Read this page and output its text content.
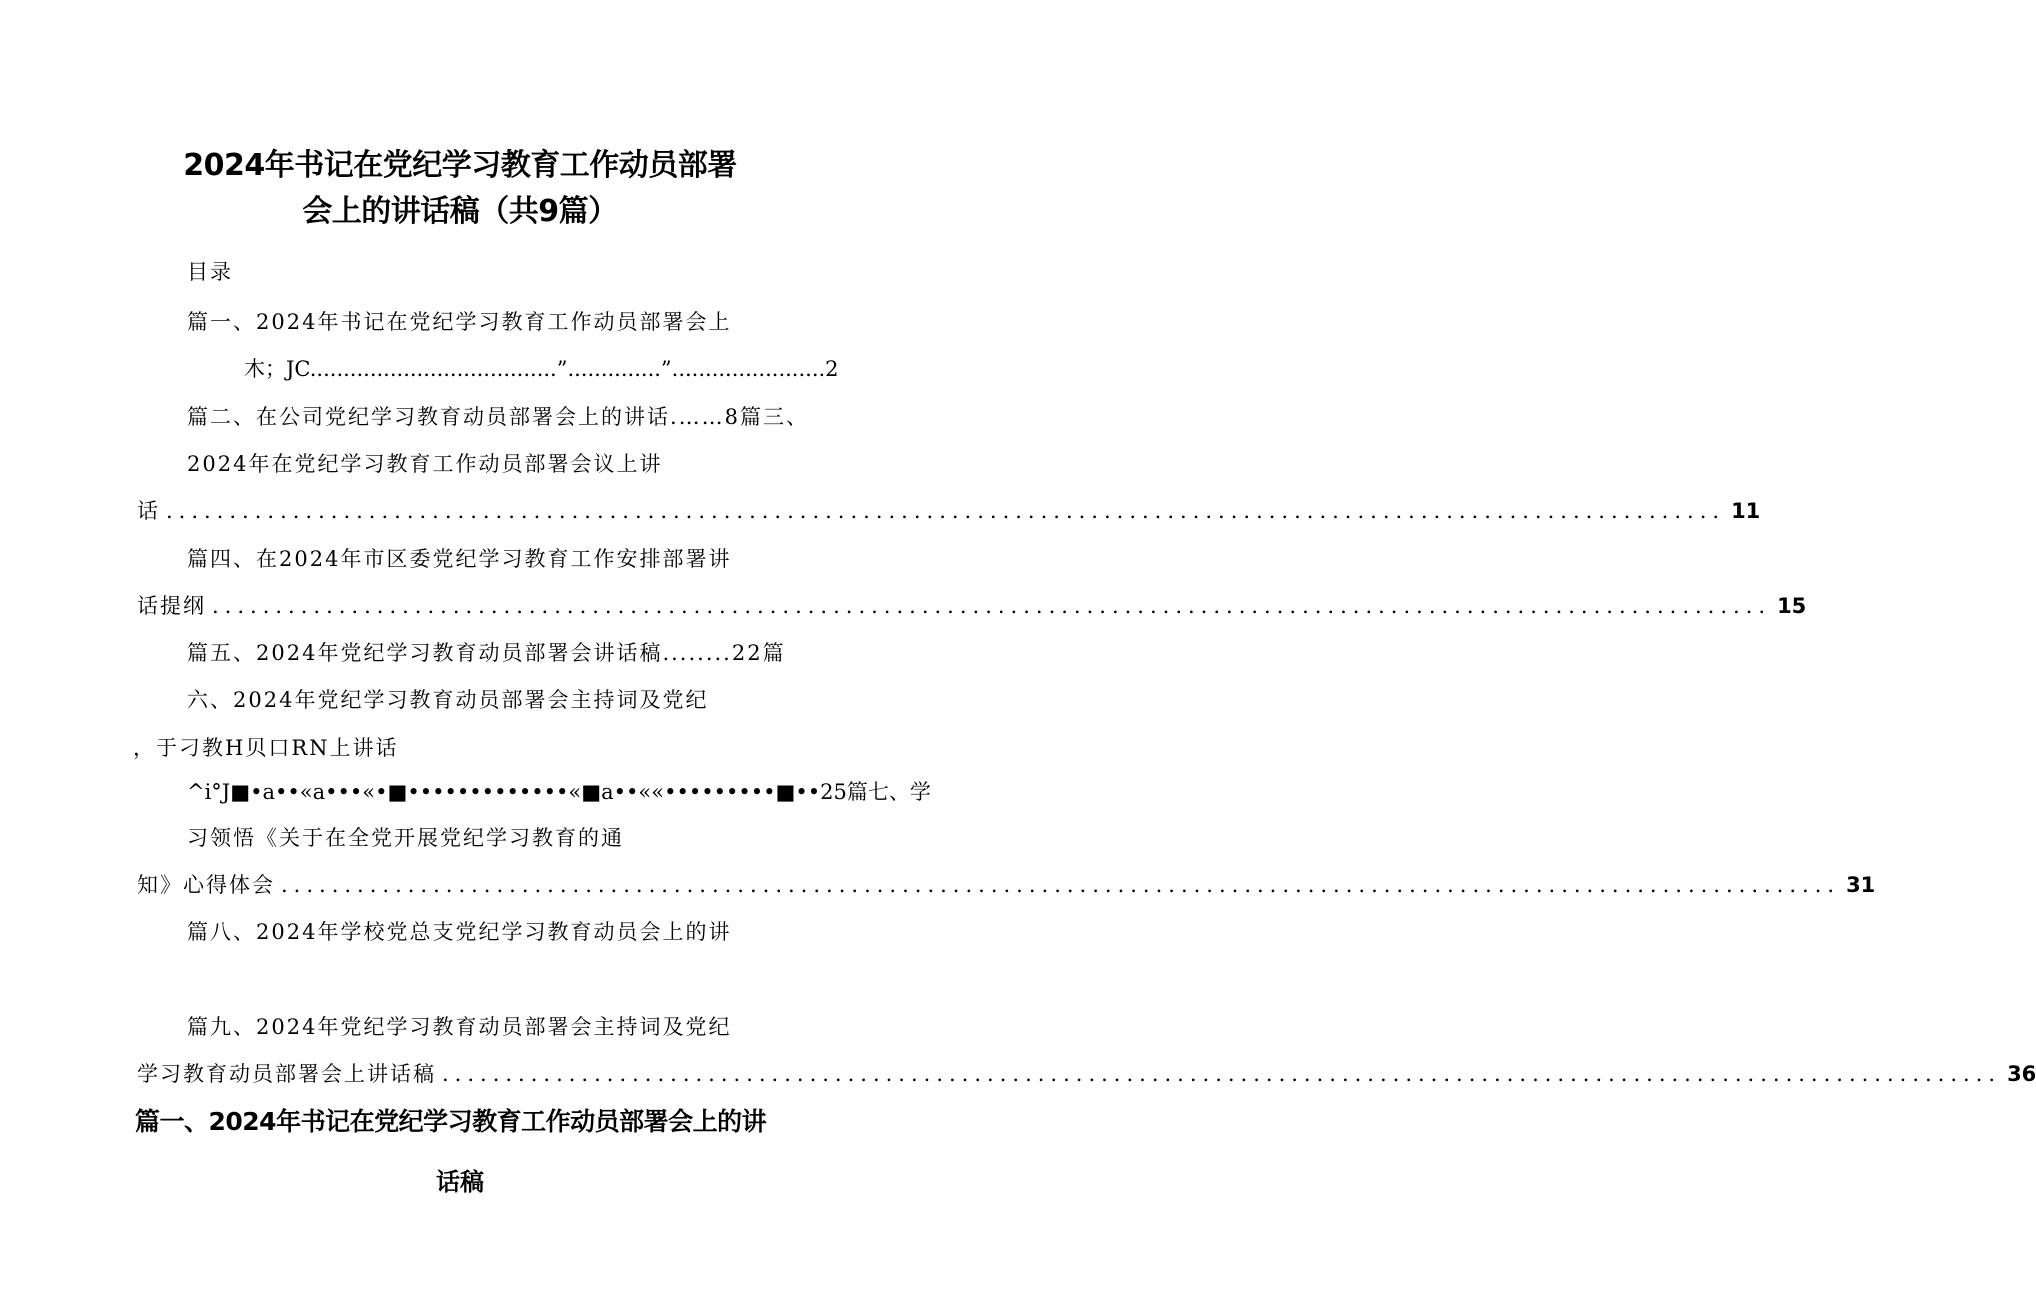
2024年书记在党纪学习教育工作动员部署
会上的讲话稿（共9篇）
目录
篇一、2024年书记在党纪学习教育工作动员部署会上
木；JC.....................................”..............”.......................2
篇二、在公司党纪学习教育动员部署会上的讲话.……8篇三、
2024年在党纪学习教育工作动员部署会议上讲
话 ........................................................................................................................... 11
篇四、在2024年市区委党纪学习教育工作安排部署讲
话提纲 ........................................................................................................................... 15
篇五、2024年党纪学习教育动员部署会讲话稿........22篇
六、2024年党纪学习教育动员部署会主持词及党纪
，于刁教H贝口RN上讲话
^i°J■•a••«a•••«•■•••••••••••••«■a••««•••••••••■••25篇七、学
习领悟《关于在全党开展党纪学习教育的通
知》心得体会 ........................................................................................................................... 31
篇八、2024年学校党总支党纪学习教育动员会上的讲
篇九、2024年党纪学习教育动员部署会主持词及党纪
学习教育动员部署会上讲话稿 ........................................................................................................................... 36
篇一、2024年书记在党纪学习教育工作动员部署会上的讲
话稿
